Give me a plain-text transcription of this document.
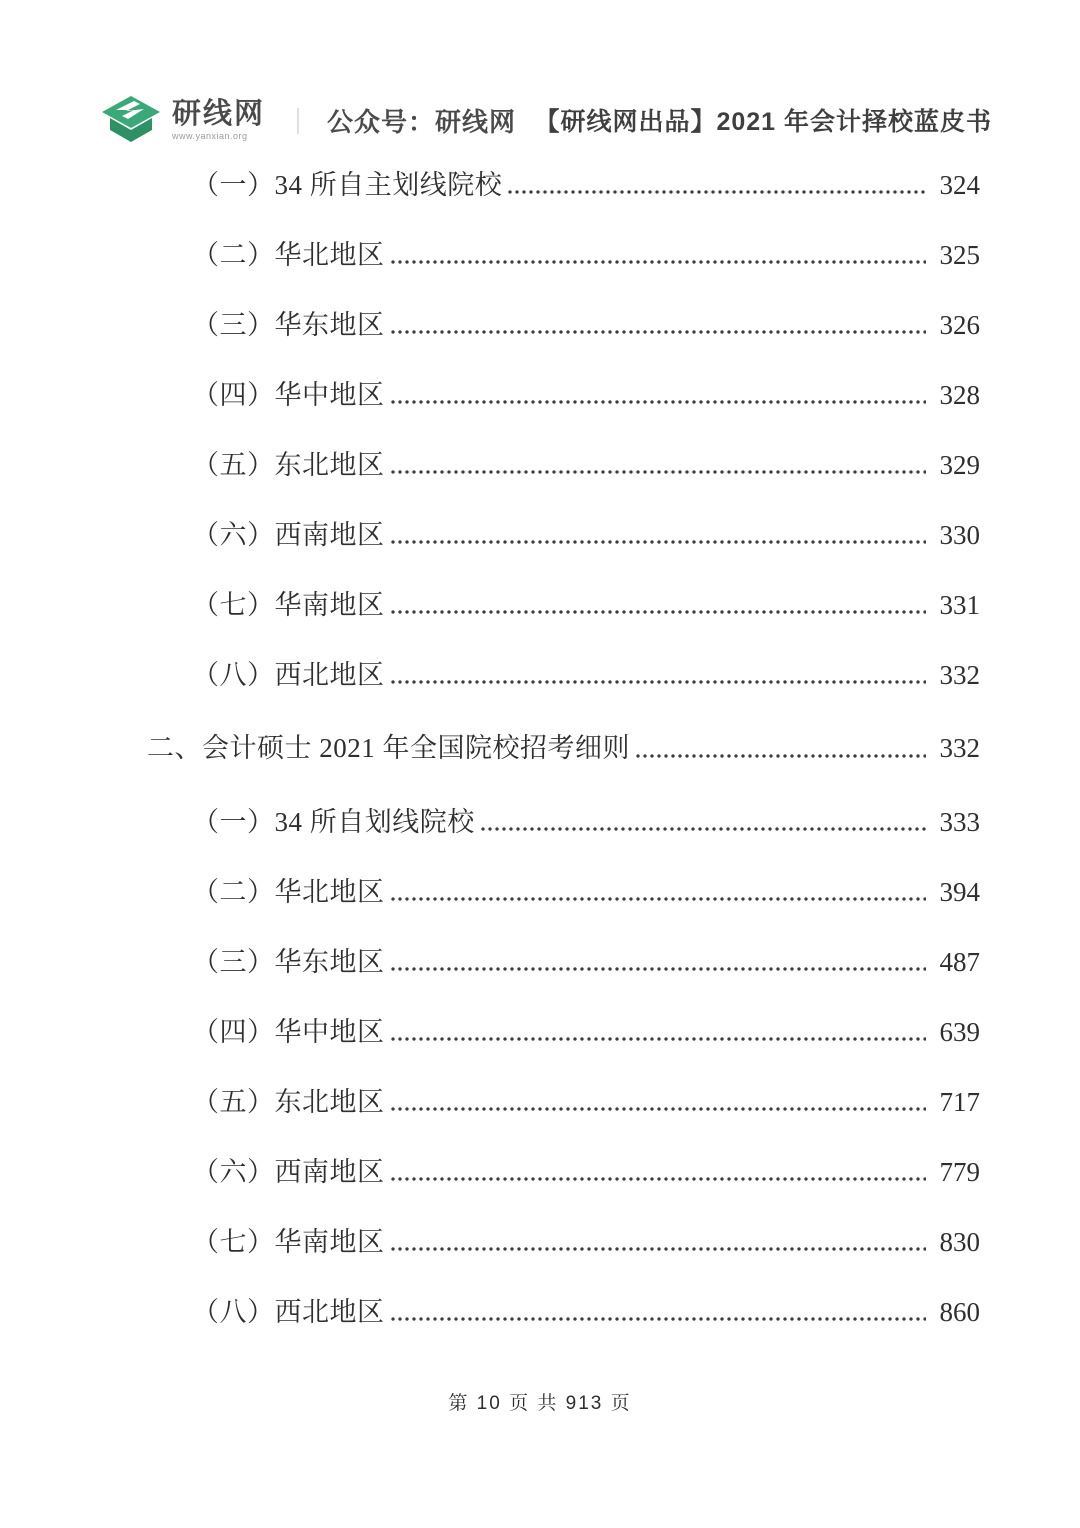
研线网
www.yanxian.org	｜ 公众号：研线网 【研线网出品】2021 年会计择校蓝皮书
（一）34 所自主划线院校	324
（二）华北地区	325
（三）华东地区	326
（四）华中地区	328
（五）东北地区	329
（六）西南地区	330
（七）华南地区	331
（八）西北地区	332
二、会计硕士 2021 年全国院校招考细则	332
（一）34 所自划线院校	333
（二）华北地区	394
（三）华东地区	487
（四）华中地区	639
（五）东北地区	717
（六）西南地区	779
（七）华南地区	830
（八）西北地区	860
第 10 页 共 913 页
